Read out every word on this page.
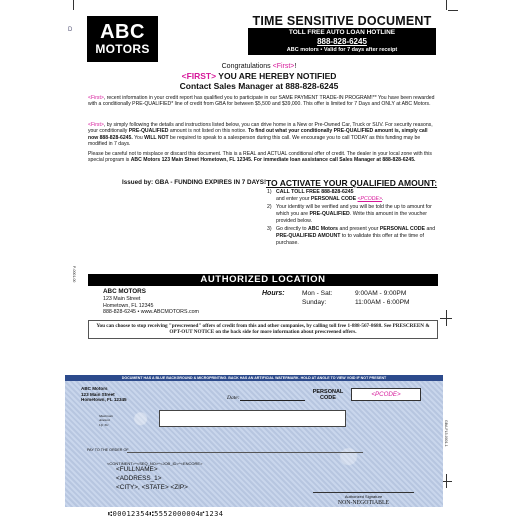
D
P-0001-00
ABC
MOTORS
TIME SENSITIVE DOCUMENT
TOLL FREE AUTO LOAN HOTLINE
888-828-6245
ABC motors • Valid for 7 days after receipt
Congratulations <First>!
<FIRST> YOU ARE HEREBY NOTIFIED
Contact Sales Manager at 888-828-6245
<First>, recent information in your credit report has qualified you to participate in our SAME PAYMENT TRADE-IN PROGRAM!** You have been rewarded with a conditionally PRE-QUALIFIED* line of credit from GBA for between $5,500 and $39,000. This offer is limited for 7 Days and ONLY at ABC Motors.
<First>, by simply following the details and instructions listed below, you can drive home in a New or Pre-Owned Car, Truck or SUV. For security reasons, your conditionally PRE-QUALIFIED amount is not listed on this notice. To find out what your conditionally PRE-QUALIFIED amount is, simply call now 888-828-6245. You WILL NOT be required to speak to a salesperson during this call. We encourage you to call TODAY as this funding may be modified in 7 days.
Please be careful not to misplace or discard this document. This is a REAL and ACTUAL conditional offer of credit. The dealer in your local zone with this special program is ABC Motors 123 Main Street Hometown, FL 12345. For immediate loan assistance call Sales Manager at 888-828-6245.
Issued by: GBA - FUNDING EXPIRES IN 7 DAYS! TO ACTIVATE YOUR QUALIFIED AMOUNT:
1) CALL TOLL FREE 888-828-6245
and enter your PERSONAL CODE <PCODE>.
2) Your identity will be verified and you will be told the up to amount for which you are PRE-QUALIFIED. Write this amount in the voucher provided below.
3) Go directly to ABC Motors and present your PERSONAL CODE and PRE-QUALIFIED AMOUNT to to validate this offer at the time of purchase.
AUTHORIZED LOCATION
ABC MOTORS
123 Main Street
Hometown, FL 12345
888-828-6245 • www.ABCMOTORS.com
Hours:	Mon - Sat:	9:00AM - 9:00PM
Sunday:	11:00AM - 6:00PM
You can choose to stop receiving "prescreened" offers of credit from this and other companies, by calling toll free 1-888-567-8688. See PRESCREEN & OPT-OUT NOTICE on the back side for more information about prescreened offers.
DOCUMENT HAS A BLUE BACKGROUND & MICROPRINTING. BACK HAS AN ARTIFICIAL WATERMARK. HOLD AT ANGLE TO VIEW VOID IF NOT PRESENT
ABC Motors
123 Main Street
Hometown, FL 12345	Date:
PERSONAL CODE	<PCODE>
Maximum
Amount
Up To:
PAY TO THE ORDER OF
<CONTINENT>^<SEQ_NO>^<JOB_ID>^<ENCORE>
<FULLNAME>
<ADDRESS_1>
<CITY>, <STATE> <ZIP>
Authorized Signature
NON-NEGOTIABLE
GBA-FL5-0001-1
⑆00012354⑆5552000004⑈1234
